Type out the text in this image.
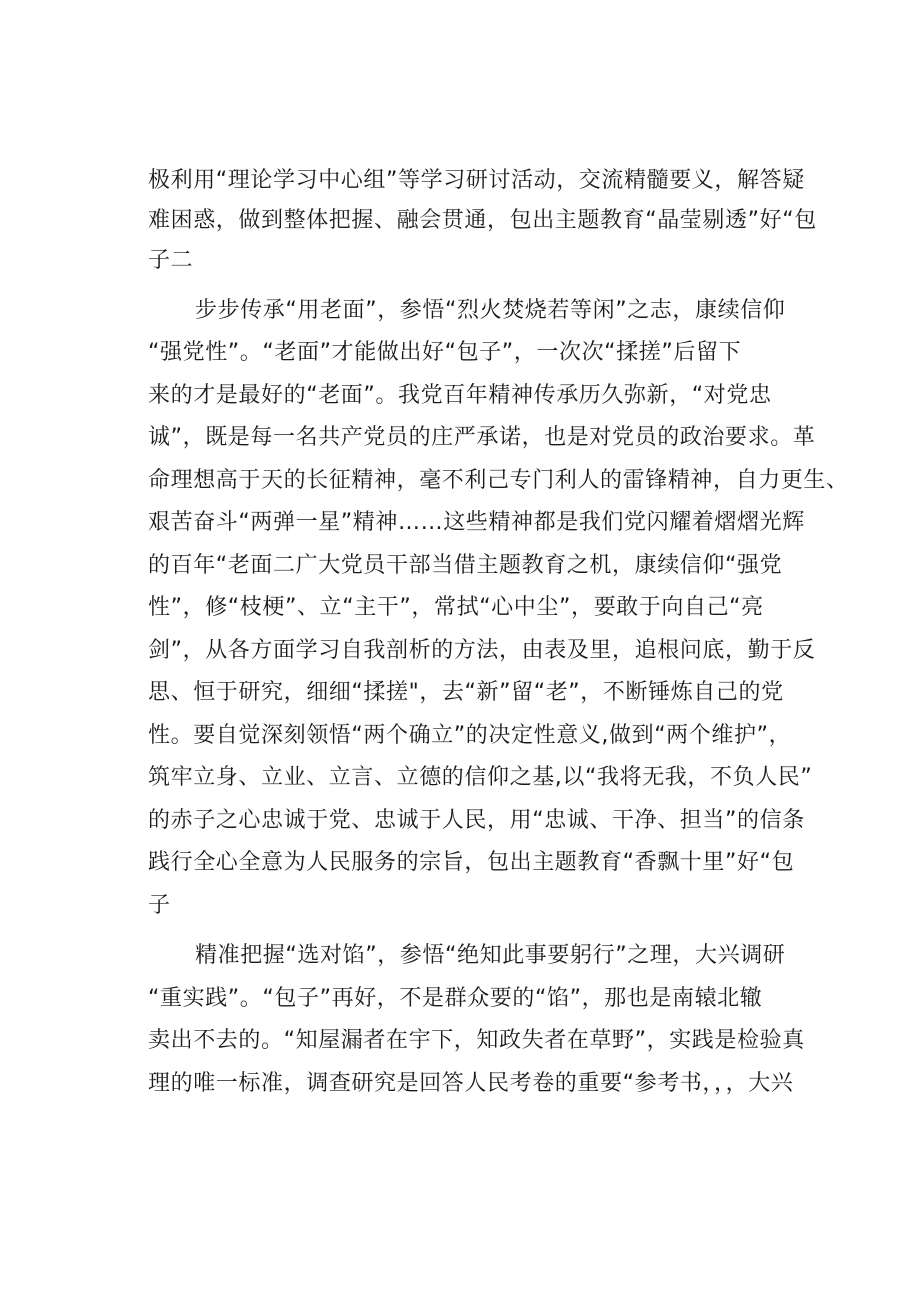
极利用“理论学习中心组”等学习研讨活动，交流精髓要义，解答疑
难困惑，做到整体把握、融会贯通，包出主题教育“晶莹剔透”好“包
子二
步步传承“用老面”，参悟“烈火焚烧若等闲”之志，康续信仰
“强党性”。“老面”才能做出好“包子”，一次次“揉搓”后留下
来的才是最好的“老面”。我党百年精神传承历久弥新，“对党忠
诚”，既是每一名共产党员的庄严承诺，也是对党员的政治要求。革
命理想高于天的长征精神，毫不利己专门利人的雷锋精神，自力更生、
艰苦奋斗“两弹一星”精神……这些精神都是我们党闪耀着熠熠光辉
的百年“老面二广大党员干部当借主题教育之机，康续信仰“强党
性”，修“枝梗”、立“主干”，常拭“心中尘”，要敢于向自己“亮
剑”，从各方面学习自我剖析的方法，由表及里，追根问底，勤于反
思、恒于研究，细细“揉搓"，去“新”留“老”，不断锤炼自己的党
性。要自觉深刻领悟“两个确立”的决定性意义,做到“两个维护”，
筑牢立身、立业、立言、立德的信仰之基,以“我将无我，不负人民”
的赤子之心忠诚于党、忠诚于人民，用“忠诚、干净、担当”的信条
践行全心全意为人民服务的宗旨，包出主题教育“香飘十里”好“包
子
精准把握“选对馅”，参悟“绝知此事要躬行”之理，大兴调研
“重实践”。“包子”再好，不是群众要的“馅”，那也是南辕北辙
卖出不去的。“知屋漏者在宇下，知政失者在草野”，实践是检验真
理的唯一标准，调查研究是回答人民考卷的重要“参考书，，，大兴
